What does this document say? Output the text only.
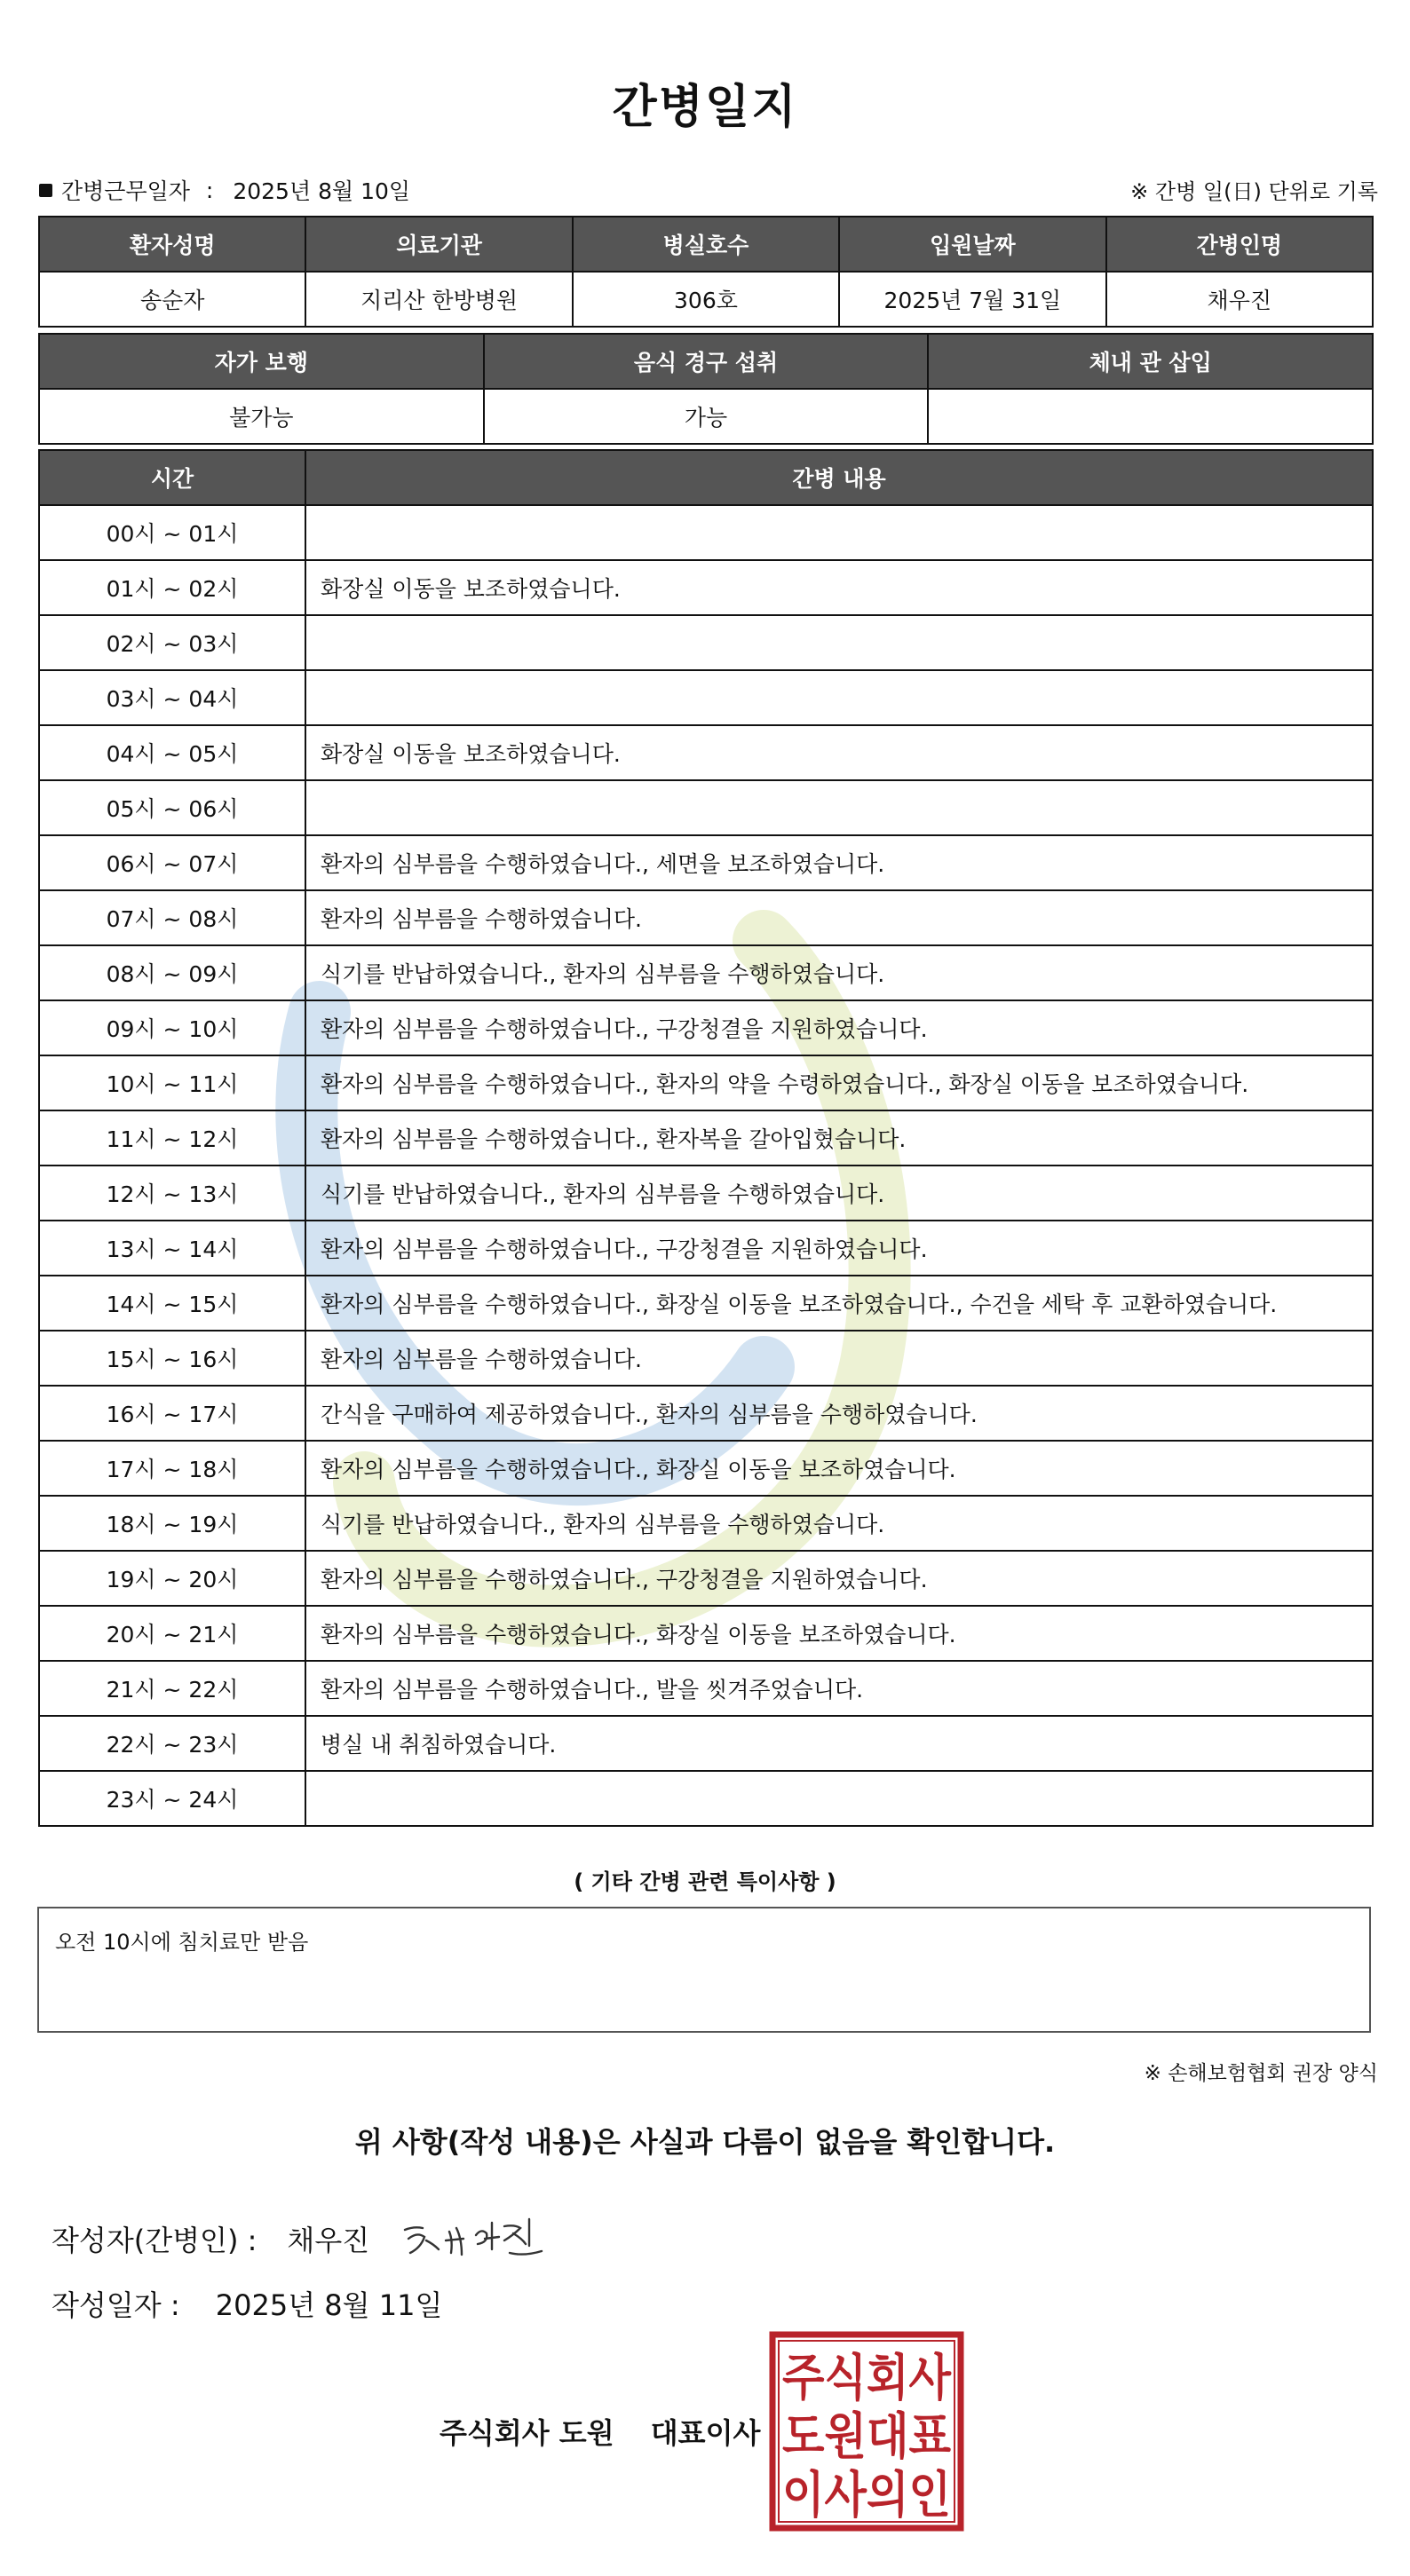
간병일지
간병근무일자 : 2025년 8월 10일	※ 간병 일(日) 단위로 기록
환자성명	의료기관	병실호수	입원날짜	간병인명
송순자	지리산 한방병원	306호	2025년 7월 31일	채우진
자가 보행	음식 경구 섭취	체내 관 삽입
불가능	가능	
시간	간병 내용
00시 ~ 01시	
01시 ~ 02시	화장실 이동을 보조하였습니다.
02시 ~ 03시	
03시 ~ 04시	
04시 ~ 05시	화장실 이동을 보조하였습니다.
05시 ~ 06시	
06시 ~ 07시	환자의 심부름을 수행하였습니다., 세면을 보조하였습니다.
07시 ~ 08시	환자의 심부름을 수행하였습니다.
08시 ~ 09시	식기를 반납하였습니다., 환자의 심부름을 수행하였습니다.
09시 ~ 10시	환자의 심부름을 수행하였습니다., 구강청결을 지원하였습니다.
10시 ~ 11시	환자의 심부름을 수행하였습니다., 환자의 약을 수령하였습니다., 화장실 이동을 보조하였습니다.
11시 ~ 12시	환자의 심부름을 수행하였습니다., 환자복을 갈아입혔습니다.
12시 ~ 13시	식기를 반납하였습니다., 환자의 심부름을 수행하였습니다.
13시 ~ 14시	환자의 심부름을 수행하였습니다., 구강청결을 지원하였습니다.
14시 ~ 15시	환자의 심부름을 수행하였습니다., 화장실 이동을 보조하였습니다., 수건을 세탁 후 교환하였습니다.
15시 ~ 16시	환자의 심부름을 수행하였습니다.
16시 ~ 17시	간식을 구매하여 제공하였습니다., 환자의 심부름을 수행하였습니다.
17시 ~ 18시	환자의 심부름을 수행하였습니다., 화장실 이동을 보조하였습니다.
18시 ~ 19시	식기를 반납하였습니다., 환자의 심부름을 수행하였습니다.
19시 ~ 20시	환자의 심부름을 수행하였습니다., 구강청결을 지원하였습니다.
20시 ~ 21시	환자의 심부름을 수행하였습니다., 화장실 이동을 보조하였습니다.
21시 ~ 22시	환자의 심부름을 수행하였습니다., 발을 씻겨주었습니다.
22시 ~ 23시	병실 내 취침하였습니다.
23시 ~ 24시	
( 기타 간병 관련 특이사항 )
오전 10시에 침치료만 받음
※ 손해보험협회 권장 양식
위 사항(작성 내용)은 사실과 다름이 없음을 확인합니다.
작성자(간병인) : 채우진
작성일자 : 2025년 8월 11일
주식회사 도원 대표이사
주식회사
도원대표
이사의인
